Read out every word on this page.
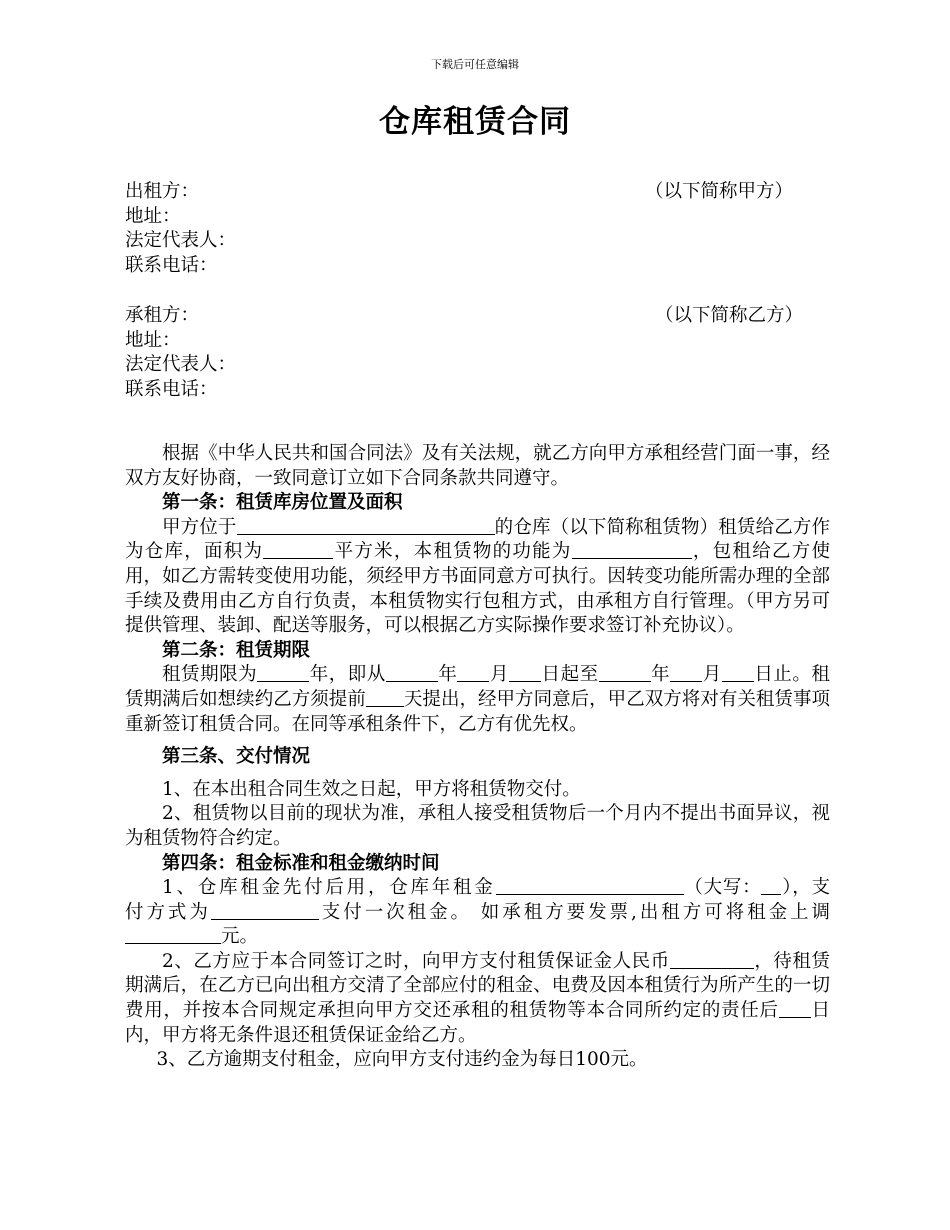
下载后可任意编辑
仓库租赁合同
出租方：	（以下简称甲方）
地址：
法定代表人：
联系电话：
承租方：	（以下简称乙方）
地址：
法定代表人：
联系电话：

根据《中华人民共和国合同法》及有关法规，就乙方向甲方承租经营门面一事，经双方友好协商，一致同意订立如下合同条款共同遵守。

第一条：租赁库房位置及面积

甲方位于	的仓库（以下简称租赁物）租赁给乙方作为仓库，面积为	平方米，本租赁物的功能为	，包租给乙方使用，如乙方需转变使用功能，须经甲方书面同意方可执行。因转变功能所需办理的全部手续及费用由乙方自行负责，本租赁物实行包租方式，由承租方自行管理。（甲方另可提供管理、装卸、配送等服务，可以根据乙方实际操作要求签订补充协议）。

第二条：租赁期限

租赁期限为	年，即从	年 月 日起至	年 月 日止。租赁期满后如想续约乙方须提前 天提出，经甲方同意后，甲乙双方将对有关租赁事项重新签订租赁合同。在同等承租条件下，乙方有优先权。

第三条、交付情况

1、在本出租合同生效之日起，甲方将租赁物交付。

2、租赁物以目前的现状为准，承租人接受租赁物后一个月内不提出书面异议，视为租赁物符合约定。

第四条：租金标准和租金缴纳时间

1、仓库租金先付后用，仓库年租金	（大写： ），支付方式为	支付一次租金。 如承租方要发票,出租方可将租金上调元。

2、乙方应于本合同签订之时，向甲方支付租赁保证金人民币	，待租赁期满后，在乙方已向出租方交清了全部应付的租金、电费及因本租赁行为所产生的一切费用，并按本合同规定承担向甲方交还承租的租赁物等本合同所约定的责任后 日内，甲方将无条件退还租赁保证金给乙方。

3、乙方逾期支付租金，应向甲方支付违约金为每日100元。
